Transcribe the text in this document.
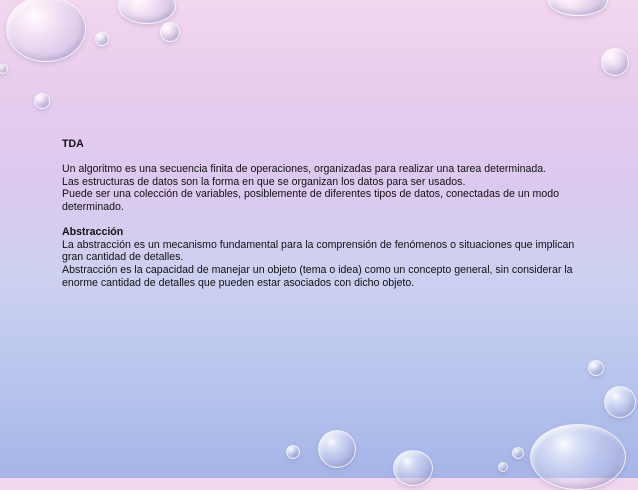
TDA

Un algoritmo es una secuencia finita de operaciones, organizadas para realizar una tarea determinada.

Las estructuras de datos son la forma en que se organizan los datos para ser usados.

Puede ser una colección de variables, posiblemente de diferentes tipos de datos, conectadas de un modo determinado.

Abstracción

La abstracción es un mecanismo fundamental para la comprensión de fenómenos o situaciones que implican gran cantidad de detalles.

Abstracción es la capacidad de manejar un objeto (tema o idea) como un concepto general, sin considerar la enorme cantidad de detalles que pueden estar asociados con dicho objeto.
